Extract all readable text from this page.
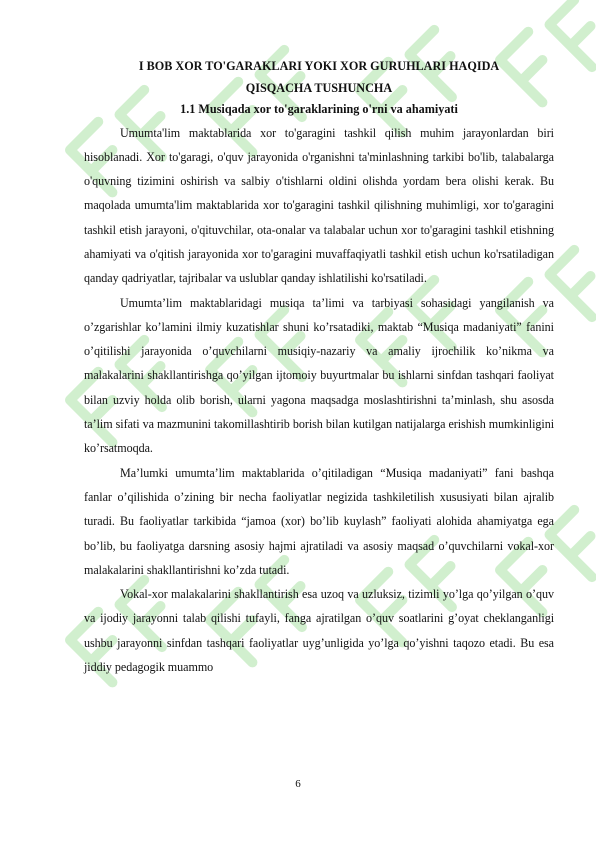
I BOB XOR TO'GARAKLARI YOKI XOR GURUHLARI HAQIDA
QISQACHA TUSHUNCHA
1.1 Musiqada xor to'garaklarining o'rni va ahamiyati

Umumta'lim maktablarida xor to'garagini tashkil qilish muhim jarayonlardan biri hisoblanadi. Xor to'garagi, o'quv jarayonida o'rganishni ta'minlashning tarkibi bo'lib, talabalarga o'quvning tizimini oshirish va salbiy o'tishlarni oldini olishda yordam bera olishi kerak. Bu maqolada umumta'lim maktablarida xor to'garagini tashkil qilishning muhimligi, xor to'garagini tashkil etish jarayoni, o'qituvchilar, ota-onalar va talabalar uchun xor to'garagini tashkil etishning ahamiyati va o'qitish jarayonida xor to'garagini muvaffaqiyatli tashkil etish uchun ko'rsatiladigan qanday qadriyatlar, tajribalar va uslublar qanday ishlatilishi ko'rsatiladi.

Umumta’lim maktablaridagi musiqa ta’limi va tarbiyasi sohasidagi yangilanish va o’zgarishlar ko’lamini ilmiy kuzatishlar shuni ko’rsatadiki, maktab “Musiqa madaniyati” fanini o’qitilishi jarayonida o’quvchilarni musiqiy-nazariy va amaliy ijrochilik ko’nikma va malakalarini shakllantirishga qo’yilgan ijtomoiy buyurtmalar bu ishlarni sinfdan tashqari faoliyat bilan uzviy holda olib borish, ularni yagona maqsadga moslashtirishni ta’minlash, shu asosda ta’lim sifati va mazmunini takomillashtirib borish bilan kutilgan natijalarga erishish mumkinligini ko’rsatmoqda.

Ma’lumki umumta’lim maktablarida o’qitiladigan “Musiqa madaniyati” fani bashqa fanlar o’qilishida o’zining bir necha faoliyatlar negizida tashkiletilish xususiyati bilan ajralib turadi. Bu faoliyatlar tarkibida “jamoa (xor) bo’lib kuylash” faoliyati alohida ahamiyatga ega bo’lib, bu faoliyatga darsning asosiy hajmi ajratiladi va asosiy maqsad o’quvchilarni vokal-xor malakalarini shakllantirishni ko’zda tutadi.

Vokal-xor malakalarini shakllantirish esa uzoq va uzluksiz, tizimli yo’lga qo’yilgan o’quv va ijodiy jarayonni talab qilishi tufayli, fanga ajratilgan o’quv soatlarini g’oyat cheklanganligi ushbu jarayonni sinfdan tashqari faoliyatlar uyg’unligida yo’lga qo’yishni taqozo etadi. Bu esa jiddiy pedagogik muammo

6
